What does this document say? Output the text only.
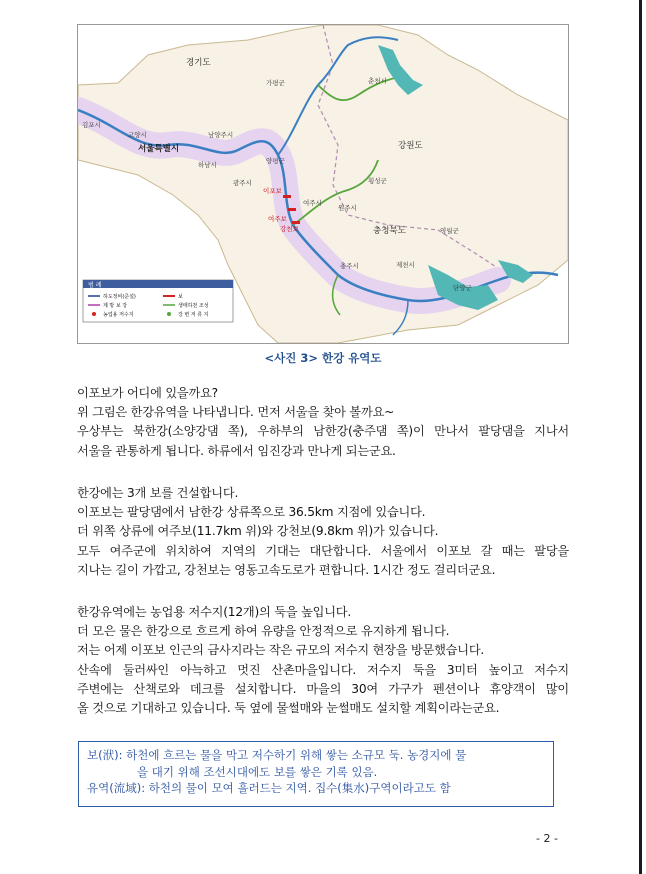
경기도
강원도
충청북도
서울특별시
김포시
고양시	남양주시
하남시
광주시
양평군
여주시
원주시
춘천시
횡성군
가평군
충주시	제천시
영월군
단양군
이포보
여주보
강천보
범 례
하도정비(준설)	보
제 방 보 강	생태하천 조성
농업용 저수지	강 변 저 류 지
<사진 3> 한강 유역도
이포보가 어디에 있을까요?
위 그림은 한강유역을 나타냅니다. 먼저 서울을 찾아 볼까요~
우상부는 북한강(소양강댐 쪽), 우하부의 남한강(충주댐 쪽)이 만나서 팔당댐을 지나서
서울을 관통하게 됩니다. 하류에서 임진강과 만나게 되는군요.
한강에는 3개 보를 건설합니다.
이포보는 팔당댐에서 남한강 상류쪽으로 36.5km 지점에 있습니다.
더 위쪽 상류에 여주보(11.7km 위)와 강천보(9.8km 위)가 있습니다.
모두 여주군에 위치하여 지역의 기대는 대단합니다. 서울에서 이포보 갈 때는 팔당을
지나는 길이 가깝고, 강천보는 영동고속도로가 편합니다. 1시간 정도 걸리더군요.
한강유역에는 농업용 저수지(12개)의 둑을 높입니다.
더 모은 물은 한강으로 흐르게 하여 유량을 안정적으로 유지하게 됩니다.
저는 어제 이포보 인근의 금사지라는 작은 규모의 저수지 현장을 방문했습니다.
산속에 둘러싸인 아늑하고 멋진 산촌마을입니다. 저수지 둑을 3미터 높이고 저수지
주변에는 산책로와 데크를 설치합니다. 마을의 30여 가구가 펜션이나 휴양객이 많이
올 것으로 기대하고 있습니다. 둑 옆에 물썰매와 눈썰매도 설치할 계획이라는군요.
보(洑): 하천에 흐르는 물을 막고 저수하기 위해 쌓는 소규모 둑. 농경지에 물
을 대기 위해 조선시대에도 보를 쌓은 기록 있음.
유역(流域): 하천의 물이 모여 흘러드는 지역. 집수(集水)구역이라고도 함
- 2 -
